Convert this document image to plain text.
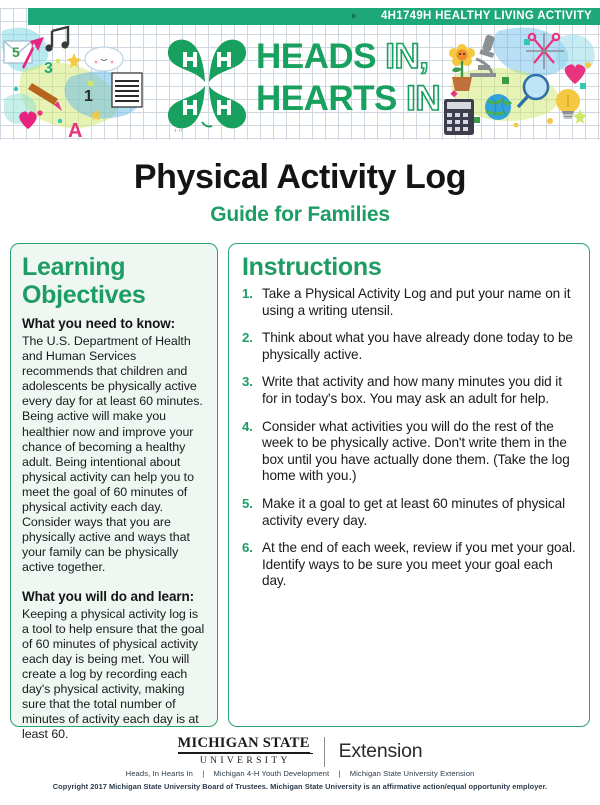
3
5
1
A
4H1749H HEALTHY LIVING ACTIVITY
HEADS IN,
HEARTS IN
4-H
Physical Activity Log
Guide for Families
Learning
Objectives
What you need to know:

The U.S. Department of Health and Human Services recommends that children and adolescents be physically active every day for at least 60 minutes. Being active will make you healthier now and improve your chance of becoming a healthy adult. Being intentional about physical activity can help you to meet the goal of 60 minutes of physical activity each day. Consider ways that you are physically active and ways that your family can be physically active together.

What you will do and learn:

Keeping a physical activity log is a tool to help ensure that the goal of 60 minutes of physical activity each day is being met. You will create a log by recording each day's physical activity, making sure that the total number of minutes of activity each day is at least 60.

Instructions
1. Take a Physical Activity Log and put your name on it using a writing utensil.
2. Think about what you have already done today to be physically active.
3. Write that activity and how many minutes you did it for in today's box. You may ask an adult for help.
4. Consider what activities you will do the rest of the week to be physically active. Don't write them in the box until you have actually done them. (Take the log home with you.)
5. Make it a goal to get at least 60 minutes of physical activity every day.
6. At the end of each week, review if you met your goal. Identify ways to be sure you meet your goal each day.
MICHIGAN STATE
UNIVERSITY	Extension
Heads, In Hearts In | Michigan 4-H Youth Development | Michigan State University Extension
Copyright 2017 Michigan State University Board of Trustees. Michigan State University is an affirmative action/equal opportunity employer.
